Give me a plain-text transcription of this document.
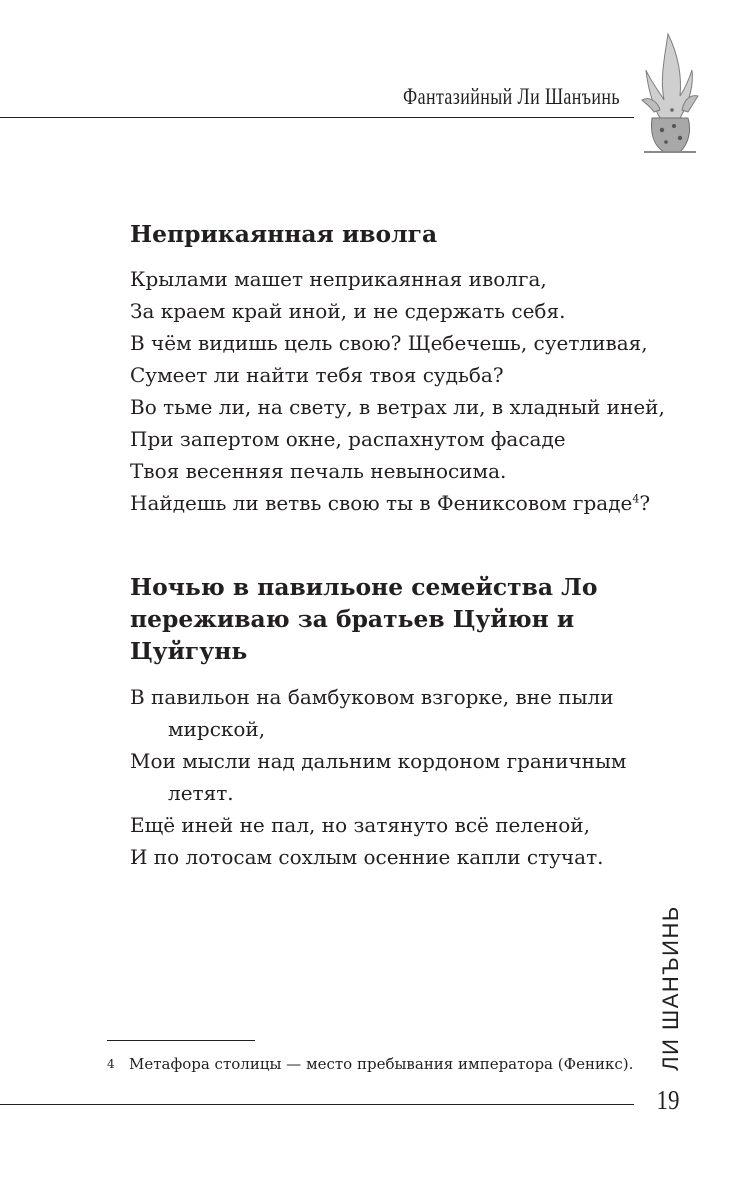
Фантазийный Ли Шанъинь
Неприкаянная иволга
Крылами машет неприкаянная иволга,
За краем край иной, и не сдержать себя.
В чём видишь цель свою? Щебечешь, суетливая,
Сумеет ли найти тебя твоя судьба?
Во тьме ли, на свету, в ветрах ли, в хладный иней,
При запертом окне, распахнутом фасаде
Твоя весенняя печаль невыносима.
Найдешь ли ветвь свою ты в Фениксовом граде$^4$?
Ночью в павильоне семейства Ло
переживаю за братьев Цуйюн и Цуйгунь
В павильон на бамбуковом взгорке, вне пыли
мирской,
Мои мысли над дальним кордоном граничным
летят.
Ещё иней не пал, но затянуто всё пеленой,
И по лотосам сохлым осенние капли стучат.
4 Метафора столицы — место пребывания императора (Феникс).	ЛИ ШАНЪИНЬ
19
